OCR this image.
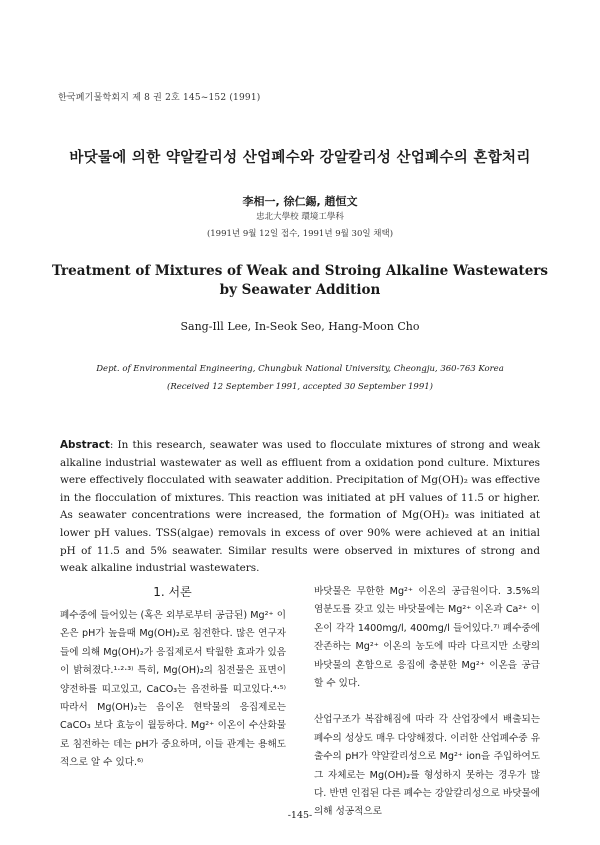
한국폐기물학회지 제 8 권 2호 145~152 (1991)
바닷물에 의한 약알칼리성 산업폐수와 강알칼리성 산업폐수의 혼합처리
李相一, 徐仁錫, 趙恒文
忠北大學校 環境工學科
(1991년 9월 12일 접수, 1991년 9월 30일 채택)
Treatment of Mixtures of Weak and Stroing Alkaline Wastewaters
by Seawater Addition
Sang-Ill Lee, In-Seok Seo, Hang-Moon Cho
Dept. of Environmental Engineering, Chungbuk National University, Cheongju, 360-763 Korea
(Received 12 September 1991, accepted 30 September 1991)
Abstract: In this research, seawater was used to flocculate mixtures of strong and weak alkaline industrial wastewater as well as effluent from a oxidation pond culture. Mixtures were effectively flocculated with seawater addition. Precipitation of Mg(OH)₂ was effective in the flocculation of mixtures. This reaction was initiated at pH values of 11.5 or higher. As seawater concentrations were increased, the formation of Mg(OH)₂ was initiated at lower pH values. TSS(algae) removals in excess of over 90% were achieved at an initial pH of 11.5 and 5% seawater. Similar results were observed in mixtures of strong and weak alkaline industrial wastewaters.
1. 서론

폐수중에 들어있는 (혹은 외부로부터 공급된) Mg²⁺ 이온은 pH가 높을때 Mg(OH)₂로 침전한다. 많은 연구자들에 의해 Mg(OH)₂가 응집제로서 탁월한 효과가 있음이 밝혀졌다.¹·²·³⁾ 특히, Mg(OH)₂의 침전물은 표면이 양전하를 띠고있고, CaCO₃는 음전하를 띠고있다.⁴·⁵⁾ 따라서 Mg(OH)₂는 음이온 현탁물의 응집제로는 CaCO₃ 보다 효능이 월등하다. Mg²⁺ 이온이 수산화물로 침전하는 데는 pH가 중요하며, 이들 관계는 용해도적으로 알 수 있다.⁶⁾

바닷물은 무한한 Mg²⁺ 이온의 공급원이다. 3.5%의 염분도를 갖고 있는 바닷물에는 Mg²⁺ 이온과 Ca²⁺ 이온이 각각 1400mg/l, 400mg/l 들어있다.⁷⁾ 폐수중에 잔존하는 Mg²⁺ 이온의 농도에 따라 다르지만 소량의 바닷물의 혼합으로 응집에 충분한 Mg²⁺ 이온을 공급할 수 있다.

산업구조가 복잡해짐에 따라 각 산업장에서 배출되는 폐수의 성상도 매우 다양해졌다. 이러한 산업폐수중 유출수의 pH가 약알칼리성으로 Mg²⁺ ion을 주입하여도 그 자체로는 Mg(OH)₂를 형성하지 못하는 경우가 많다. 반면 인접된 다른 폐수는 강알칼리성으로 바닷물에 의해 성공적으로

-145-
